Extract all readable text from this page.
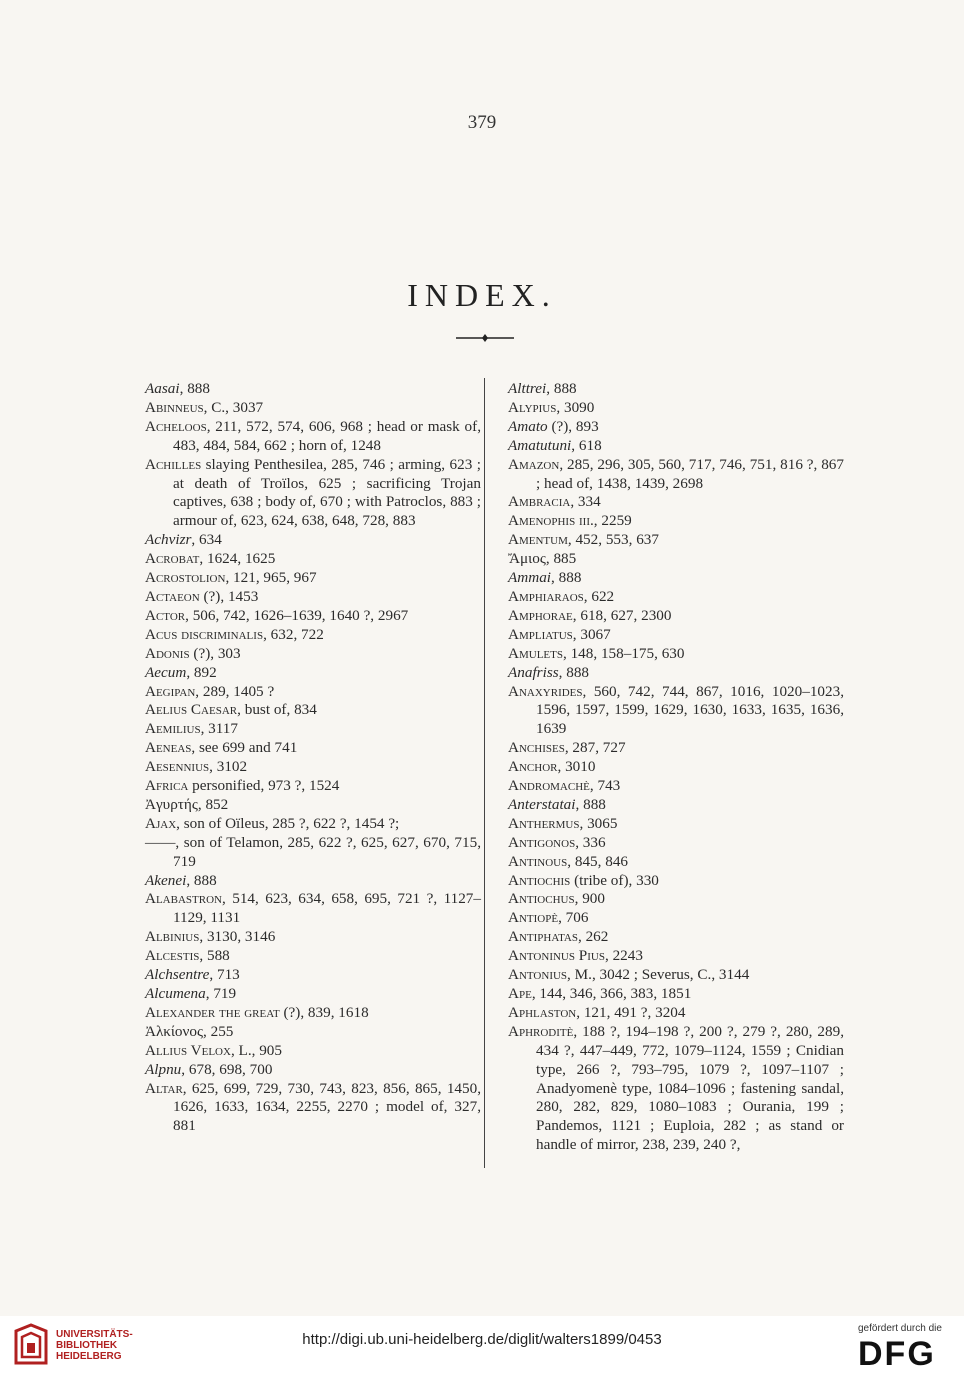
379
INDEX.
Aasai, 888
Abinneus, C., 3037
Acheloos, 211, 572, 574, 606, 968 ; head or mask of, 483, 484, 584, 662 ; horn of, 1248
Achilles slaying Penthesilea, 285, 746 ; arming, 623 ; at death of Troïlos, 625 ; sacrificing Trojan captives, 638 ; body of, 670 ; with Patroclos, 883 ; armour of, 623, 624, 638, 648, 728, 883
Achvizr, 634
Acrobat, 1624, 1625
Acrostolion, 121, 965, 967
Actaeon (?), 1453
Actor, 506, 742, 1626–1639, 1640 ?, 2967
Acus discriminalis, 632, 722
Adonis (?), 303
Aecum, 892
Aegipan, 289, 1405 ?
Aelius Caesar, bust of, 834
Aemilius, 3117
Aeneas, see 699 and 741
Aesennius, 3102
Africa personified, 973 ?, 1524
Ἀγυρτής, 852
Ajax, son of Oïleus, 285 ?, 622 ?, 1454 ?;
——, son of Telamon, 285, 622 ?, 625, 627, 670, 715, 719
Akenei, 888
Alabastron, 514, 623, 634, 658, 695, 721 ?, 1127–1129, 1131
Albinius, 3130, 3146
Alcestis, 588
Alchsentre, 713
Alcumena, 719
Alexander the great (?), 839, 1618
Ἀλκίονος, 255
Allius Velox, L., 905
Alpnu, 678, 698, 700
Altar, 625, 699, 729, 730, 743, 823, 856, 865, 1450, 1626, 1633, 1634, 2255, 2270 ; model of, 327, 881
Alttrei, 888
Alypius, 3090
Amato (?), 893
Amatutuni, 618
Amazon, 285, 296, 305, 560, 717, 746, 751, 816 ?, 867 ; head of, 1438, 1439, 2698
Ambracia, 334
Amenophis iii., 2259
Amentum, 452, 553, 637
Ἄμιος, 885
Ammai, 888
Amphiaraos, 622
Amphorae, 618, 627, 2300
Ampliatus, 3067
Amulets, 148, 158–175, 630
Anafriss, 888
Anaxyrides, 560, 742, 744, 867, 1016, 1020–1023, 1596, 1597, 1599, 1629, 1630, 1633, 1635, 1636, 1639
Anchises, 287, 727
Anchor, 3010
Andromachè, 743
Anterstatai, 888
Anthermus, 3065
Antigonos, 336
Antinous, 845, 846
Antiochis (tribe of), 330
Antiochus, 900
Antiopè, 706
Antiphatas, 262
Antoninus Pius, 2243
Antonius, M., 3042 ; Severus, C., 3144
Ape, 144, 346, 366, 383, 1851
Aphlaston, 121, 491 ?, 3204
Aphroditè, 188 ?, 194–198 ?, 200 ?, 279 ?, 280, 289, 434 ?, 447–449, 772, 1079–1124, 1559 ; Cnidian type, 266 ?, 793–795, 1079 ?, 1097–1107 ; Anadyomenè type, 1084–1096 ; fastening sandal, 280, 282, 829, 1080–1083 ; Ourania, 199 ; Pandemos, 1121 ; Euploia, 282 ; as stand or handle of mirror, 238, 239, 240 ?,
UNIVERSITÄTS-
BIBLIOTHEK
HEIDELBERG
http://digi.ub.uni-heidelberg.de/diglit/walters1899/0453
gefördert durch die
DFG
